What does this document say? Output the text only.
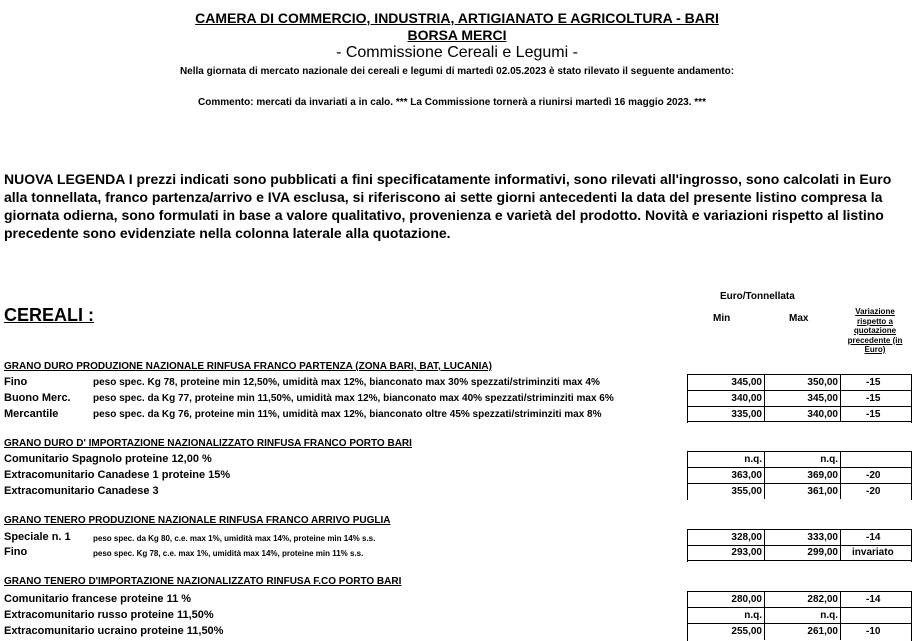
CAMERA DI COMMERCIO, INDUSTRIA, ARTIGIANATO E AGRICOLTURA - BARI
BORSA MERCI
- Commissione Cereali e Legumi -
Nella giornata di mercato nazionale dei cereali e legumi di martedì 02.05.2023 è stato rilevato il seguente andamento:
Commento: mercati da invariati a in calo. *** La Commissione tornerà a riunirsi martedì 16 maggio 2023. ***
NUOVA LEGENDA I prezzi indicati sono pubblicati a fini specificatamente informativi, sono rilevati all'ingrosso, sono calcolati in Euro alla tonnellata, franco partenza/arrivo e IVA esclusa, si riferiscono ai sette giorni antecedenti la data del presente listino compresa la giornata odierna, sono formulati in base a valore qualitativo, provenienza e varietà del prodotto. Novità e variazioni rispetto al listino precedente sono evidenziate nella colonna laterale alla quotazione.
CEREALI :
Euro/Tonnellata
Min	Max
Variazione rispetto a quotazione precedente (in Euro)
GRANO DURO PRODUZIONE NAZIONALE RINFUSA FRANCO PARTENZA (ZONA BARI, BAT, LUCANIA)
Fino	peso spec. Kg 78, proteine min 12,50%, umidità max 12%, bianconato max 30% spezzati/striminziti max 4%	345,00	350,00	-15
Buono Merc. peso spec. da Kg 77, proteine min 11,50%, umidità max 12%, bianconato max 40% spezzati/striminziti max 6%	340,00	345,00	-15
Mercantile	peso spec. da Kg 76, proteine min 11%, umidità max 12%, bianconato oltre 45% spezzati/striminziti max 8%	335,00	340,00	-15
GRANO DURO D' IMPORTAZIONE NAZIONALIZZATO RINFUSA FRANCO PORTO BARI
Comunitario Spagnolo proteine 12,00 %	n.q.	n.q.
Extracomunitario Canadese 1 proteine 15%	363,00	369,00	-20
Extracomunitario Canadese 3	355,00	361,00	-20
GRANO TENERO PRODUZIONE NAZIONALE RINFUSA FRANCO ARRIVO PUGLIA
Speciale n. 1	peso spec. da Kg 80, c.e. max 1%, umidità max 14%, proteine min 14% s.s.	328,00	333,00	-14
Fino	peso spec. Kg 78, c.e. max 1%, umidità max 14%, proteine min 11% s.s.	293,00	299,00 invariato
GRANO TENERO D'IMPORTAZIONE NAZIONALIZZATO RINFUSA F.CO PORTO BARI
Comunitario francese proteine 11 %	280,00	282,00	-14
Extracomunitario russo proteine 11,50%	n.q.	n.q.
Extracomunitario ucraino proteine 11,50%	255,00	261,00	-10
